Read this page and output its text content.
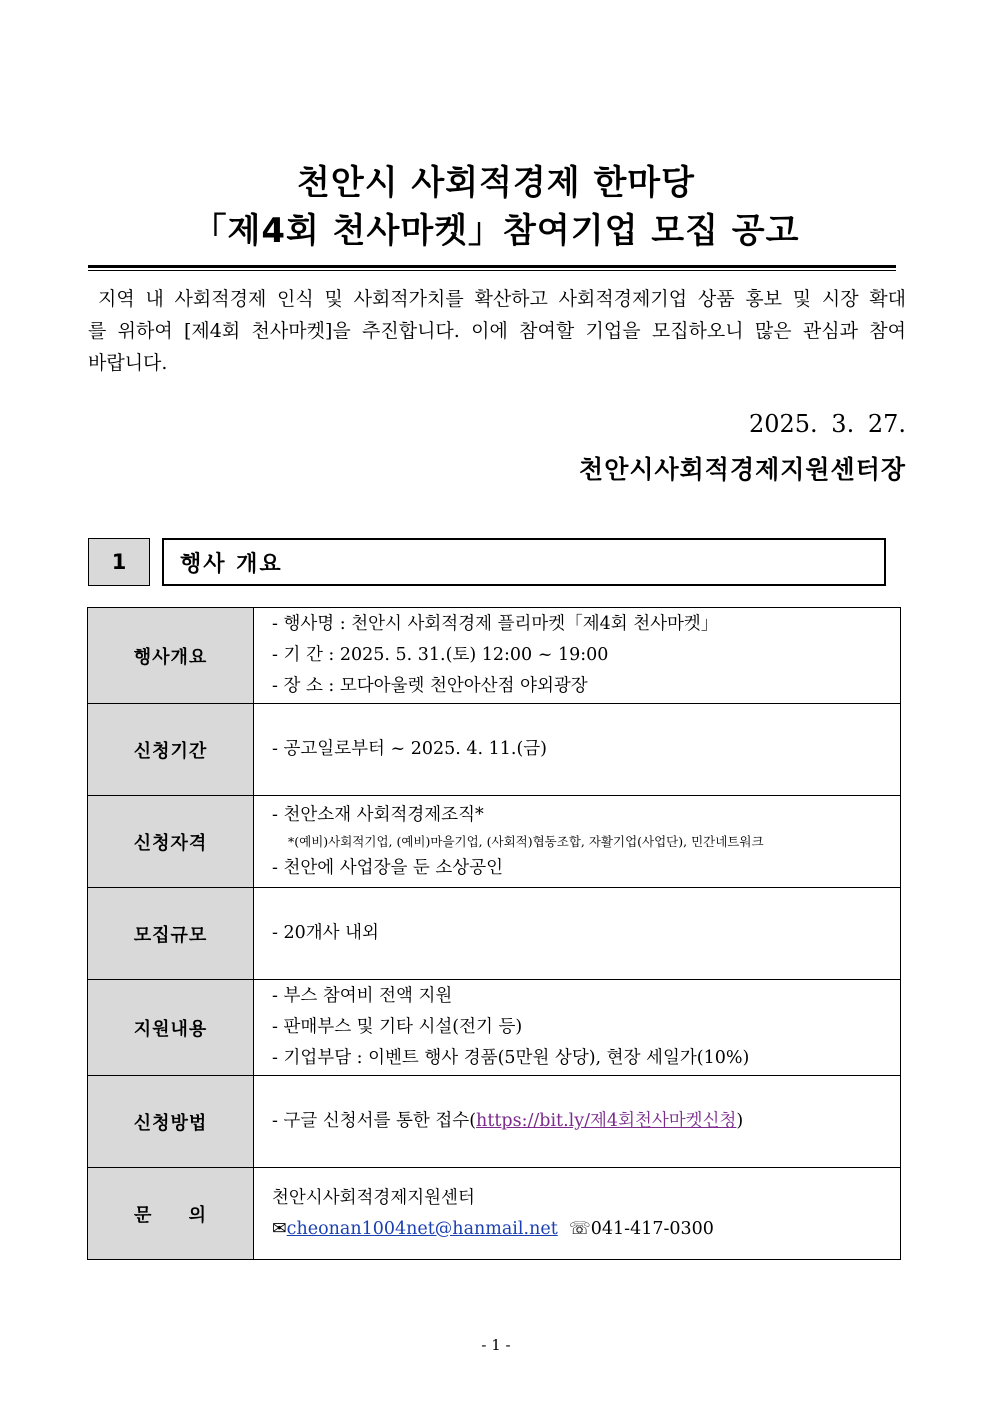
천안시 사회적경제 한마당
「제4회 천사마켓」참여기업 모집 공고
지역 내 사회적경제 인식 및 사회적가치를 확산하고 사회적경제기업 상품 홍보 및 시장 확대를 위하여 [제4회 천사마켓]을 추진합니다. 이에 참여할 기업을 모집하오니 많은 관심과 참여 바랍니다.
2025. 3. 27.
천안시사회적경제지원센터장
1	행사 개요
행사개요	- 행사명 : 천안시 사회적경제 플리마켓「제4회 천사마켓」
- 기 간 : 2025. 5. 31.(토) 12:00 ~ 19:00
- 장 소 : 모다아울렛 천안아산점 야외광장

신청기간	- 공고일로부터 ~ 2025. 4. 11.(금)

신청자격	- 천안소재 사회적경제조직*
*(예비)사회적기업, (예비)마을기업, (사회적)협동조합, 자활기업(사업단), 민간네트워크
- 천안에 사업장을 둔 소상공인

모집규모	- 20개사 내외

지원내용	- 부스 참여비 전액 지원
- 판매부스 및 기타 시설(전기 등)
- 기업부담 : 이벤트 행사 경품(5만원 상당), 현장 세일가(10%)

신청방법	- 구글 신청서를 통한 접수(https://bit.ly/제4회천사마켓신청)

문     의	천안시사회적경제지원센터
✉cheonan1004net@hanmail.net ☏041-417-0300
- 1 -
